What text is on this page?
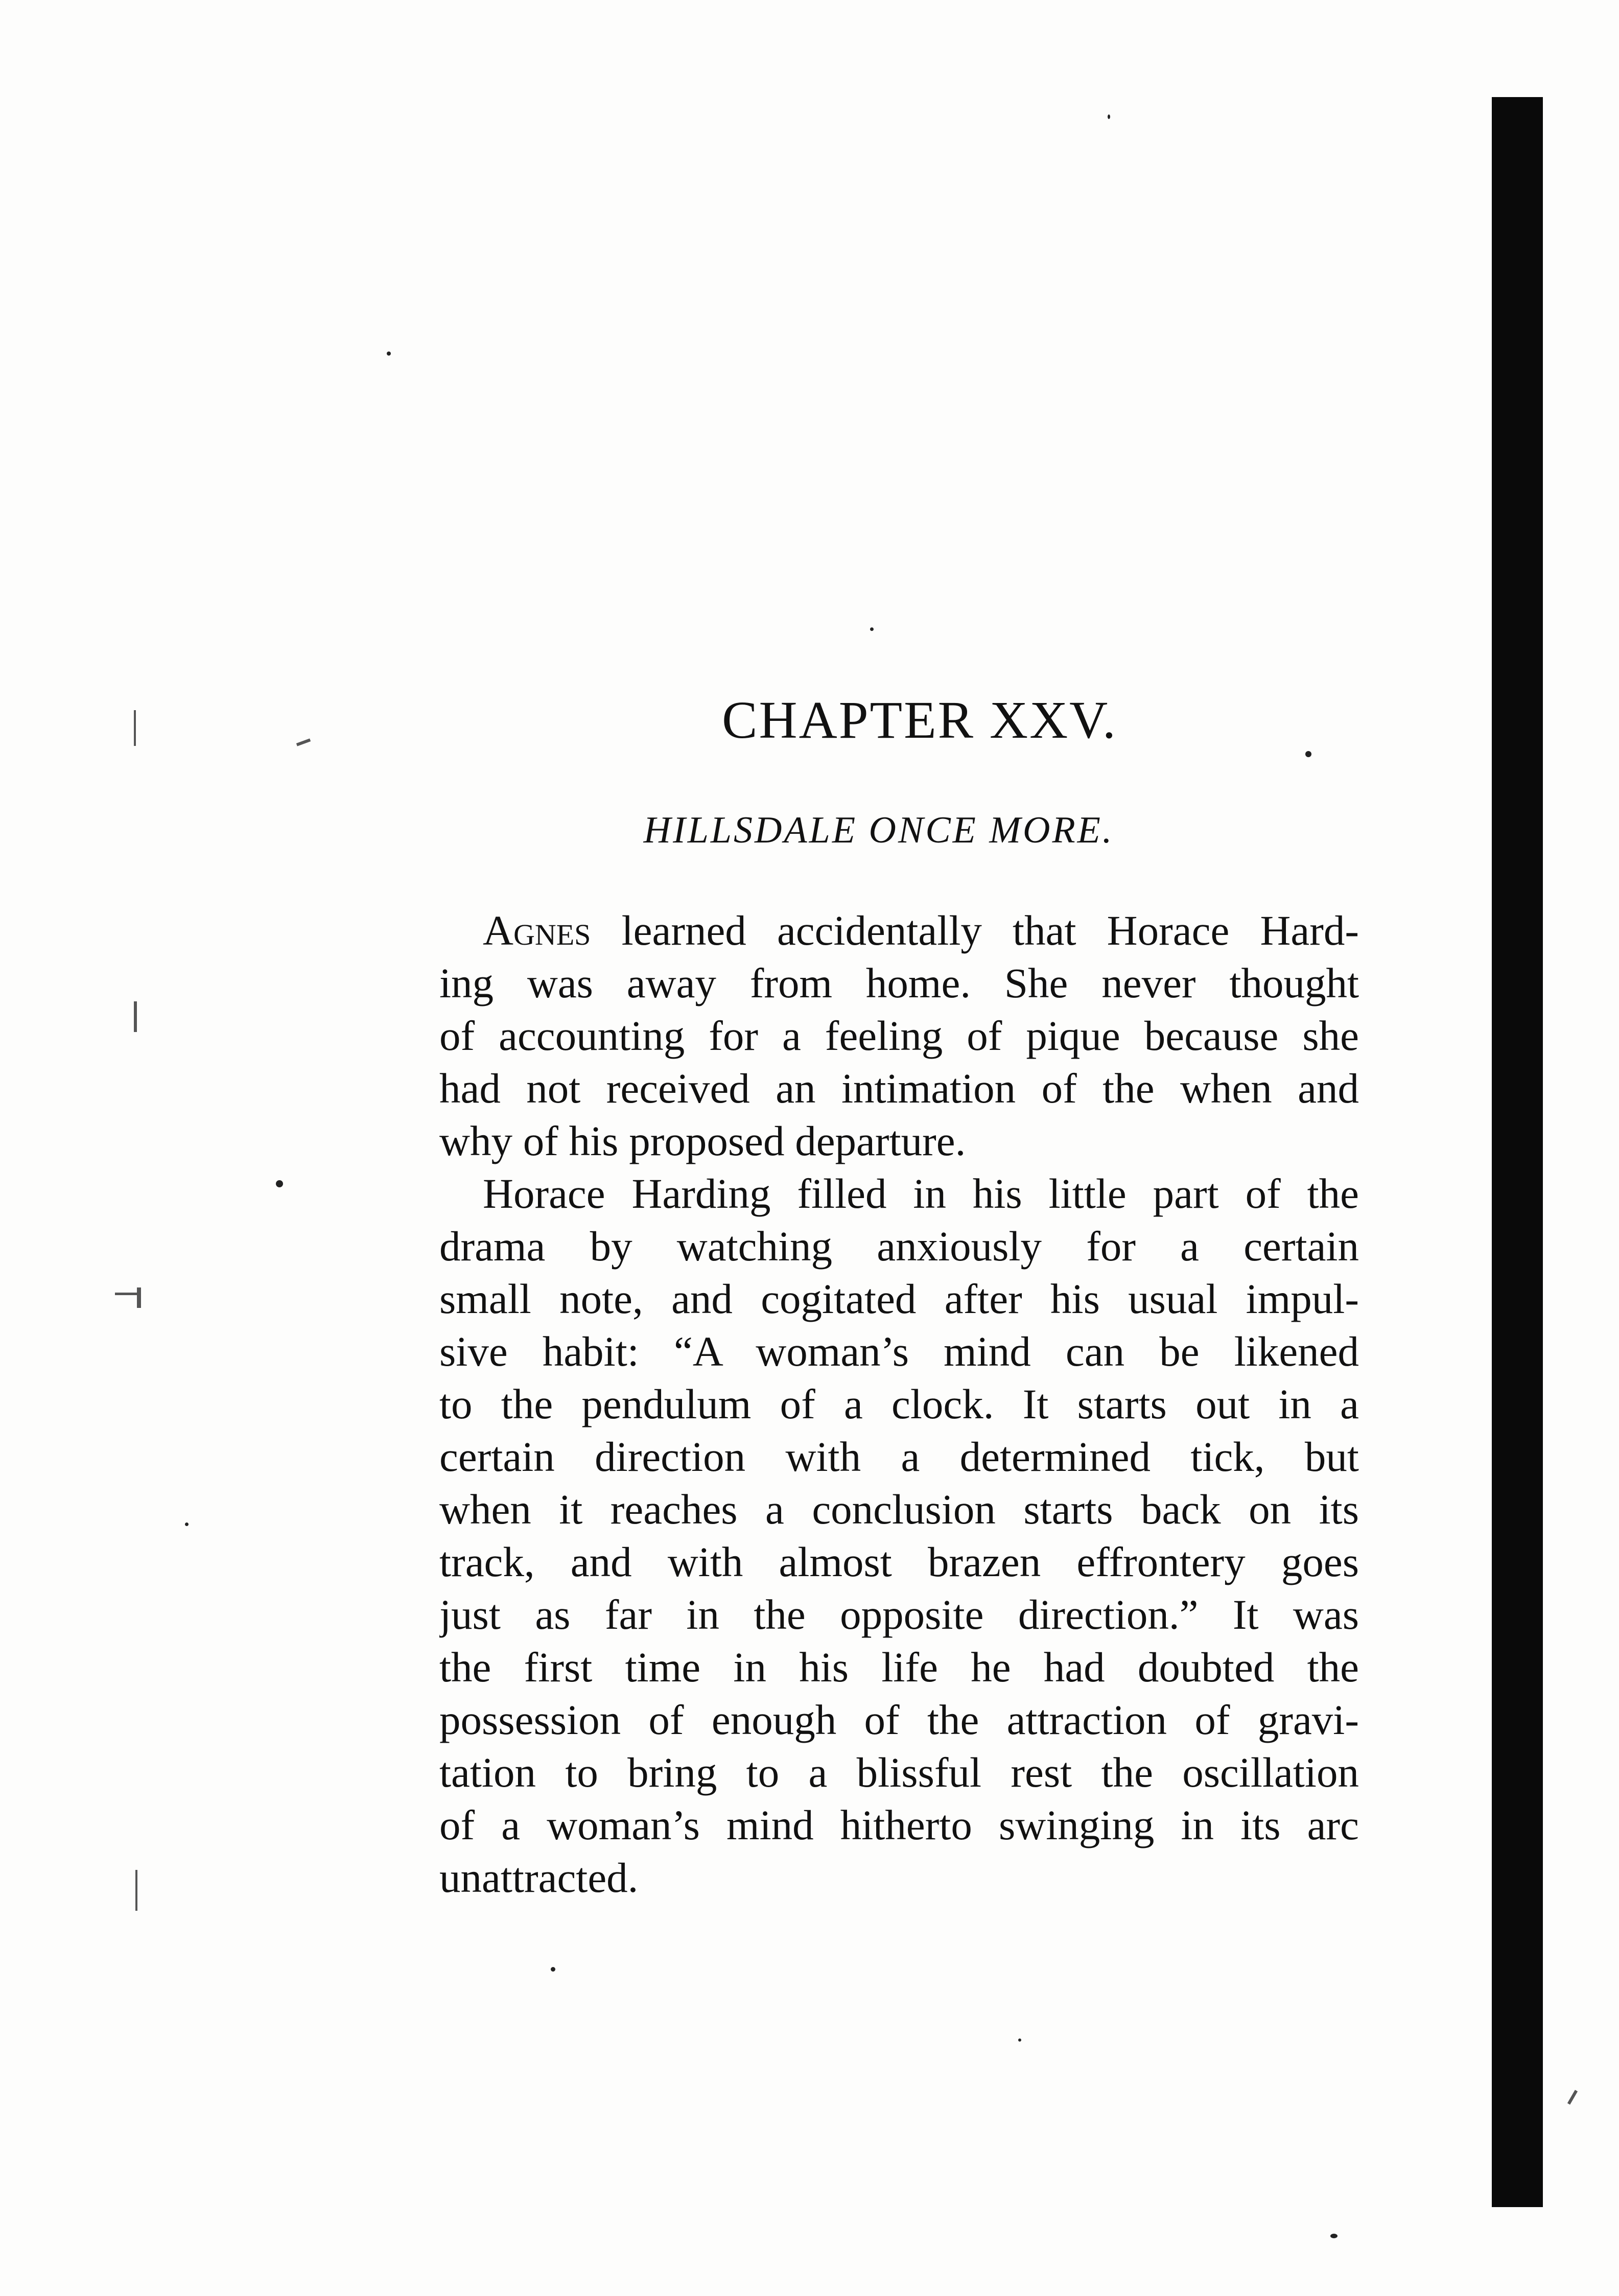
CHAPTER XXV.
HILLSDALE ONCE MORE.
Agnes learned accidentally that Horace Hard-
ing was away from home. She never thought
of accounting for a feeling of pique because she
had not received an intimation of the when and
why of his proposed departure.
Horace Harding filled in his little part of the
drama by watching anxiously for a certain
small note, and cogitated after his usual impul-
sive habit: “A woman’s mind can be likened
to the pendulum of a clock. It starts out in a
certain direction with a determined tick, but
when it reaches a conclusion starts back on its
track, and with almost brazen effrontery goes
just as far in the opposite direction.” It was
the first time in his life he had doubted the
possession of enough of the attraction of gravi-
tation to bring to a blissful rest the oscillation
of a woman’s mind hitherto swinging in its arc
unattracted.
